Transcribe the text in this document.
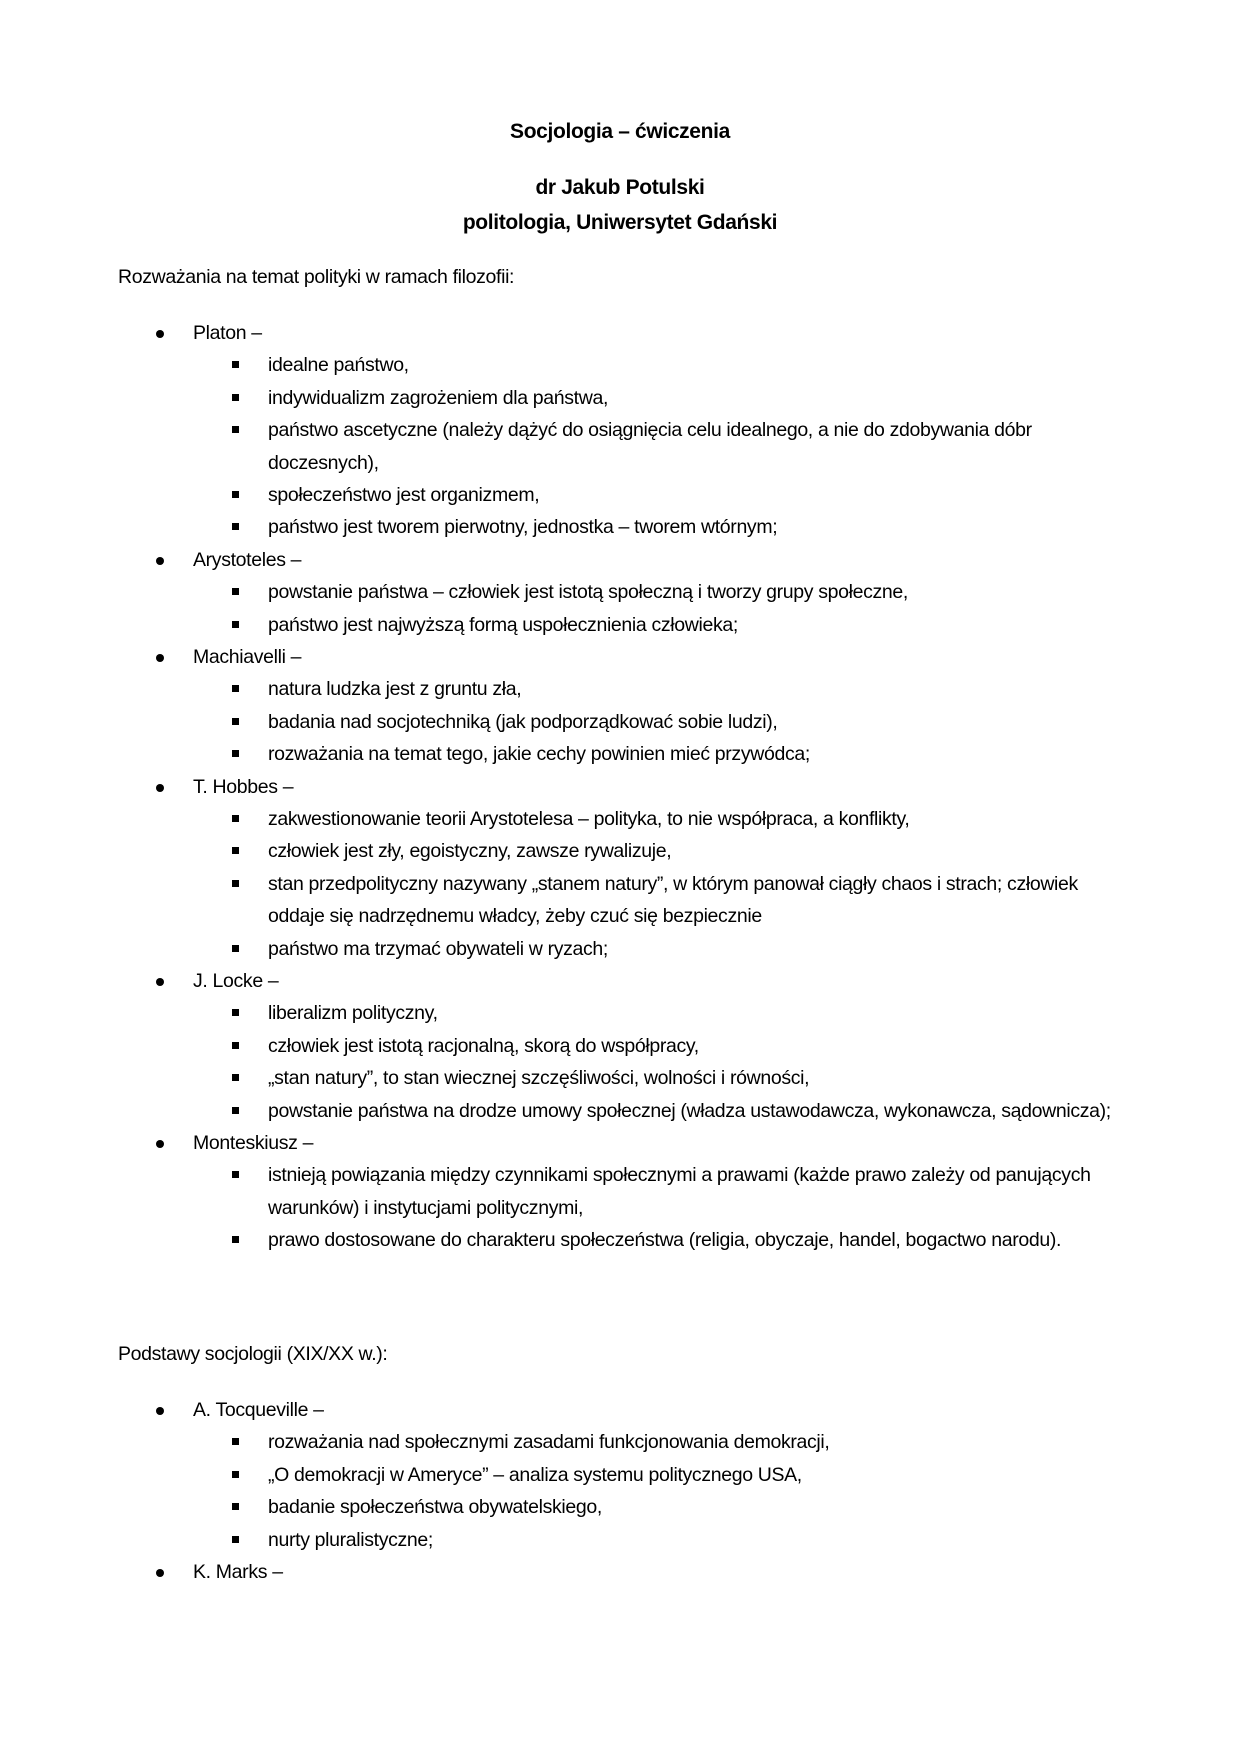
Socjologia – ćwiczenia
dr Jakub Potulski
politologia, Uniwersytet Gdański
Rozważania na temat polityki w ramach filozofii:
Platon –
idealne państwo,
indywidualizm zagrożeniem dla państwa,
państwo ascetyczne (należy dążyć do osiągnięcia celu idealnego, a nie do zdobywania dóbr doczesnych),
społeczeństwo jest organizmem,
państwo jest tworem pierwotny, jednostka – tworem wtórnym;
Arystoteles –
powstanie państwa – człowiek jest istotą społeczną i tworzy grupy społeczne,
państwo jest najwyższą formą uspołecznienia człowieka;
Machiavelli –
natura ludzka jest z gruntu zła,
badania nad socjotechniką (jak podporządkować sobie ludzi),
rozważania na temat tego, jakie cechy powinien mieć przywódca;
T. Hobbes –
zakwestionowanie teorii Arystotelesa – polityka, to nie współpraca, a konflikty,
człowiek jest zły, egoistyczny, zawsze rywalizuje,
stan przedpolityczny nazywany „stanem natury”, w którym panował ciągły chaos i strach; człowiek oddaje się nadrzędnemu władcy, żeby czuć się bezpiecznie
państwo ma trzymać obywateli w ryzach;
J. Locke –
liberalizm polityczny,
człowiek jest istotą racjonalną, skorą do współpracy,
„stan natury”, to stan wiecznej szczęśliwości, wolności i równości,
powstanie państwa na drodze umowy społecznej (władza ustawodawcza, wykonawcza, sądownicza);
Monteskiusz –
istnieją powiązania między czynnikami społecznymi a prawami (każde prawo zależy od panujących warunków) i instytucjami politycznymi,
prawo dostosowane do charakteru społeczeństwa (religia, obyczaje, handel, bogactwo narodu).
Podstawy socjologii (XIX/XX w.):
A. Tocqueville –
rozważania nad społecznymi zasadami funkcjonowania demokracji,
„O demokracji w Ameryce” – analiza systemu politycznego USA,
badanie społeczeństwa obywatelskiego,
nurty pluralistyczne;
K. Marks –
